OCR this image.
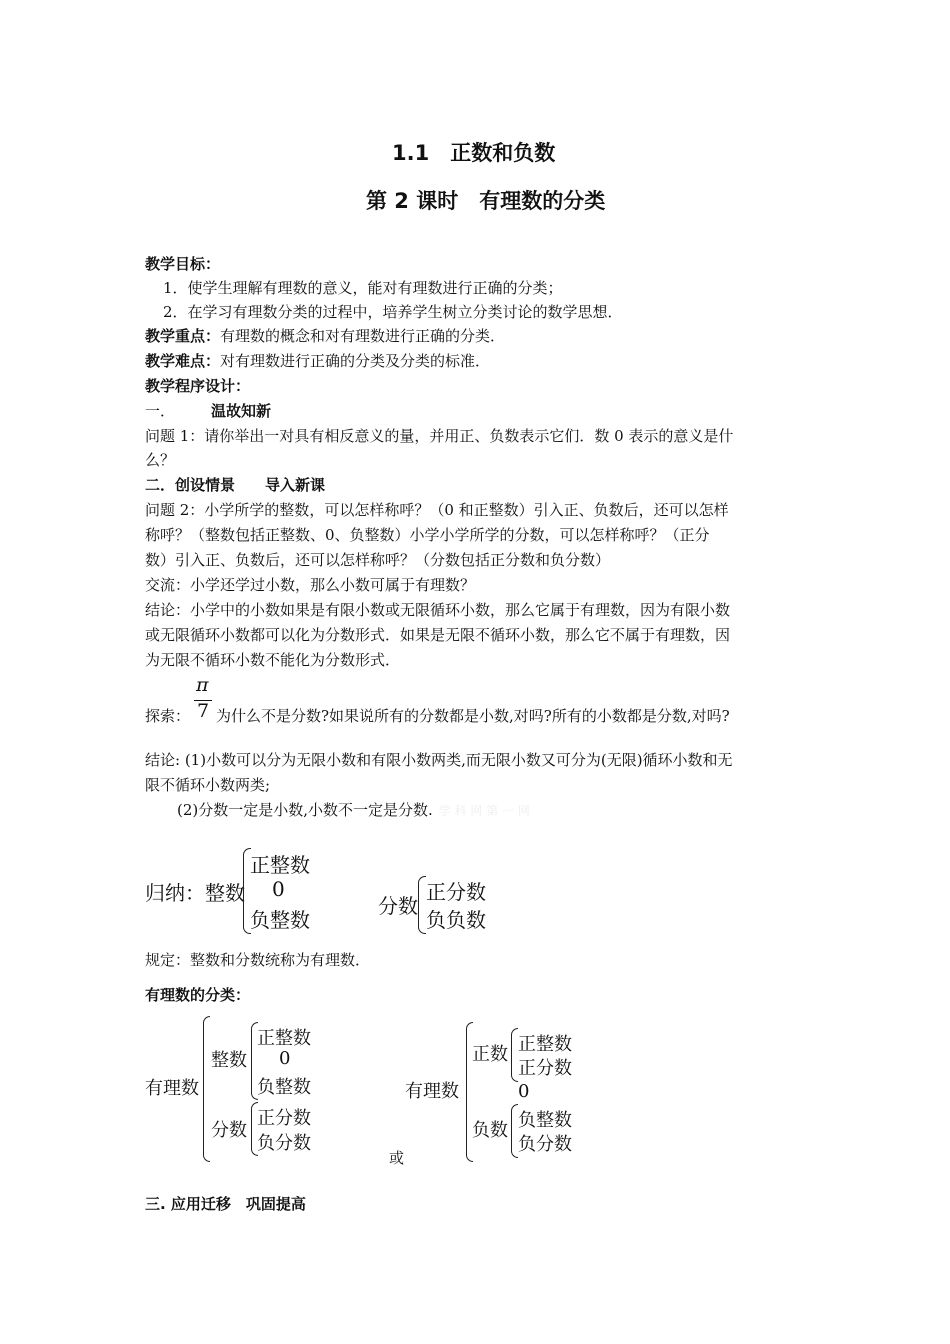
1.1　正数和负数
第 2 课时　有理数的分类
教学目标：
1．使学生理解有理数的意义，能对有理数进行正确的分类；
2．在学习有理数分类的过程中，培养学生树立分类讨论的数学思想．
教学重点：有理数的概念和对有理数进行正确的分类．
教学难点：对有理数进行正确的分类及分类的标准．
教学程序设计：
一． 温故知新
问题 1：请你举出一对具有相反意义的量，并用正、负数表示它们．数 0 表示的意义是什
么？
二．创设情景　　导入新课
问题 2：小学所学的整数，可以怎样称呼？（0 和正整数）引入正、负数后，还可以怎样
称呼？（整数包括正整数、0、负整数）小学小学所学的分数，可以怎样称呼？（正分
数）引入正、负数后，还可以怎样称呼？（分数包括正分数和负分数）
交流：小学还学过小数，那么小数可属于有理数？
结论：小学中的小数如果是有限小数或无限循环小数，那么它属于有理数，因为有限小数
或无限循环小数都可以化为分数形式．如果是无限不循环小数，那么它不属于有理数，因
为无限不循环小数不能化为分数形式．
探索：
π
7 为什么不是分数?如果说所有的分数都是小数,对吗?所有的小数都是分数,对吗?
结论: (1)小数可以分为无限小数和有限小数两类,而无限小数又可分为(无限)循环小数和无
限不循环小数两类;
(2)分数一定是小数,小数不一定是分数. 学 科 网 第 一 网
归纳：整数
正整数
0
负整数
分数
正分数
负负数
规定：整数和分数统称为有理数．
有理数的分类：
有理数
整数
正整数
0
负整数
分数
正分数
负分数
或
有理数
正数 正整数
正分数
0
负数 负整数
负分数
三. 应用迁移　巩固提高
